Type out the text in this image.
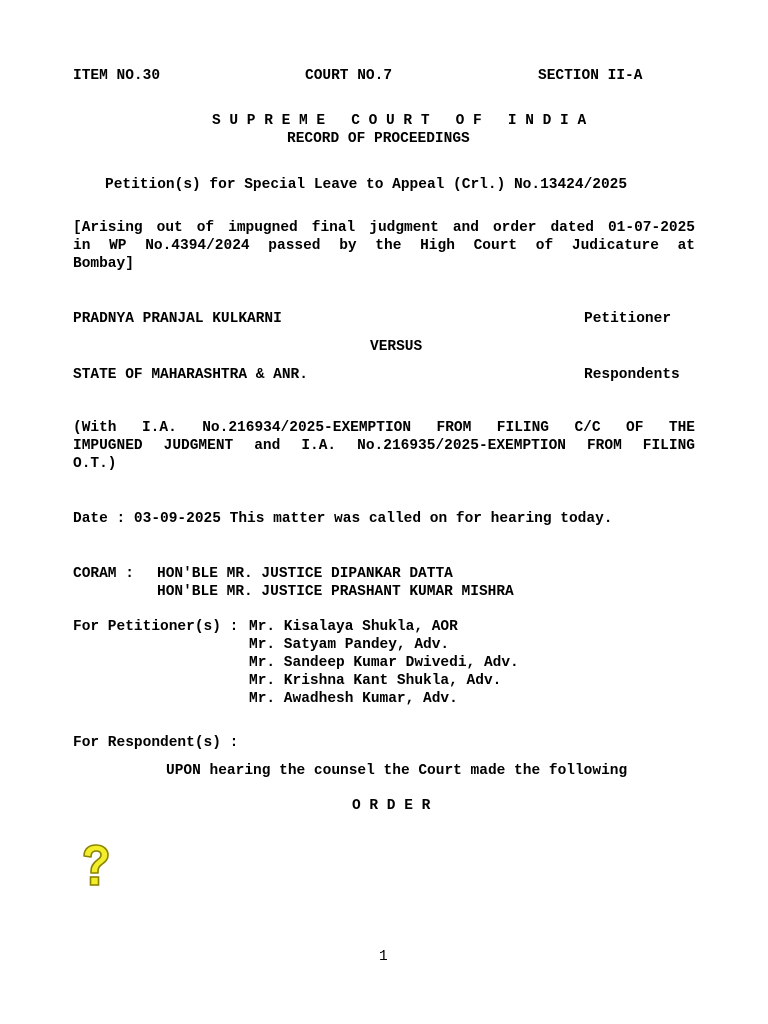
ITEM NO.30	COURT NO.7	SECTION II-A
S U P R E M E   C O U R T   O F   I N D I A
RECORD OF PROCEEDINGS
Petition(s) for Special Leave to Appeal (Crl.) No.13424/2025
[Arising out of impugned final judgment and order dated 01-07-2025
in WP No.4394/2024 passed by the High Court of Judicature at
Bombay]
PRADNYA PRANJAL KULKARNI	Petitioner
VERSUS
STATE OF MAHARASHTRA & ANR.	Respondents
(With I.A. No.216934/2025-EXEMPTION FROM FILING C/C OF THE
IMPUGNED JUDGMENT and I.A. No.216935/2025-EXEMPTION FROM FILING
O.T.)
Date : 03-09-2025 This matter was called on for hearing today.
CORAM : HON'BLE MR. JUSTICE DIPANKAR DATTA
HON'BLE MR. JUSTICE PRASHANT KUMAR MISHRA
For Petitioner(s) : Mr. Kisalaya Shukla, AOR
Mr. Satyam Pandey, Adv.
Mr. Sandeep Kumar Dwivedi, Adv.
Mr. Krishna Kant Shukla, Adv.
Mr. Awadhesh Kumar, Adv.
For Respondent(s) :
UPON hearing the counsel the Court made the following
O R D E R
1
